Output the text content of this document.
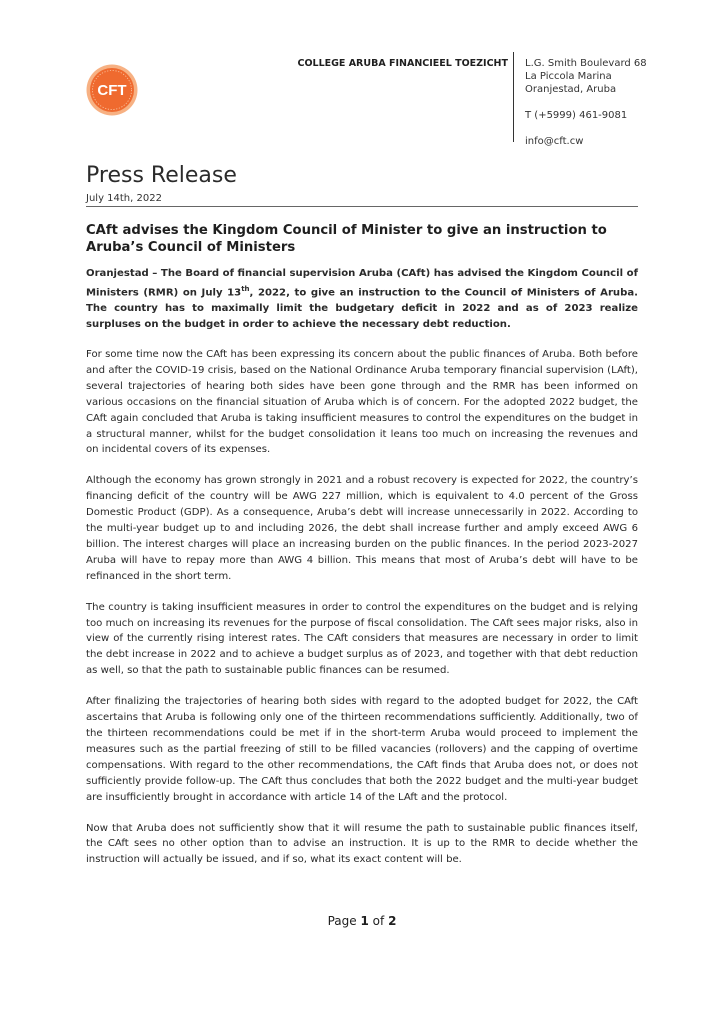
CFT
COLLEGE ARUBA FINANCIEEL TOEZICHT L.G. Smith Boulevard 68
La Piccola Marina
Oranjestad, Aruba
T (+5999) 461-9081
info@cft.cw
Press Release
July 14th, 2022
CAft advises the Kingdom Council of Minister to give an instruction to Aruba’s Council of Ministers

Oranjestad – The Board of financial supervision Aruba (CAft) has advised the Kingdom Council of Ministers (RMR) on July 13th, 2022, to give an instruction to the Council of Ministers of Aruba. The country has to maximally limit the budgetary deficit in 2022 and as of 2023 realize surpluses on the budget in order to achieve the necessary debt reduction.

For some time now the CAft has been expressing its concern about the public finances of Aruba. Both before and after the COVID-19 crisis, based on the National Ordinance Aruba temporary financial supervision (LAft), several trajectories of hearing both sides have been gone through and the RMR has been informed on various occasions on the financial situation of Aruba which is of concern. For the adopted 2022 budget, the CAft again concluded that Aruba is taking insufficient measures to control the expenditures on the budget in a structural manner, whilst for the budget consolidation it leans too much on increasing the revenues and on incidental covers of its expenses.

Although the economy has grown strongly in 2021 and a robust recovery is expected for 2022, the country’s financing deficit of the country will be AWG 227 million, which is equivalent to 4.0 percent of the Gross Domestic Product (GDP). As a consequence, Aruba’s debt will increase unnecessarily in 2022. According to the multi-year budget up to and including 2026, the debt shall increase further and amply exceed AWG 6 billion. The interest charges will place an increasing burden on the public finances. In the period 2023-2027 Aruba will have to repay more than AWG 4 billion. This means that most of Aruba’s debt will have to be refinanced in the short term.

The country is taking insufficient measures in order to control the expenditures on the budget and is relying too much on increasing its revenues for the purpose of fiscal consolidation. The CAft sees major risks, also in view of the currently rising interest rates. The CAft considers that measures are necessary in order to limit the debt increase in 2022 and to achieve a budget surplus as of 2023, and together with that debt reduction as well, so that the path to sustainable public finances can be resumed.

After finalizing the trajectories of hearing both sides with regard to the adopted budget for 2022, the CAft ascertains that Aruba is following only one of the thirteen recommendations sufficiently. Additionally, two of the thirteen recommendations could be met if in the short-term Aruba would proceed to implement the measures such as the partial freezing of still to be filled vacancies (rollovers) and the capping of overtime compensations. With regard to the other recommendations, the CAft finds that Aruba does not, or does not sufficiently provide follow-up. The CAft thus concludes that both the 2022 budget and the multi-year budget are insufficiently brought in accordance with article 14 of the LAft and the protocol.

Now that Aruba does not sufficiently show that it will resume the path to sustainable public finances itself, the CAft sees no other option than to advise an instruction. It is up to the RMR to decide whether the instruction will actually be issued, and if so, what its exact content will be.

Page 1 of 2
